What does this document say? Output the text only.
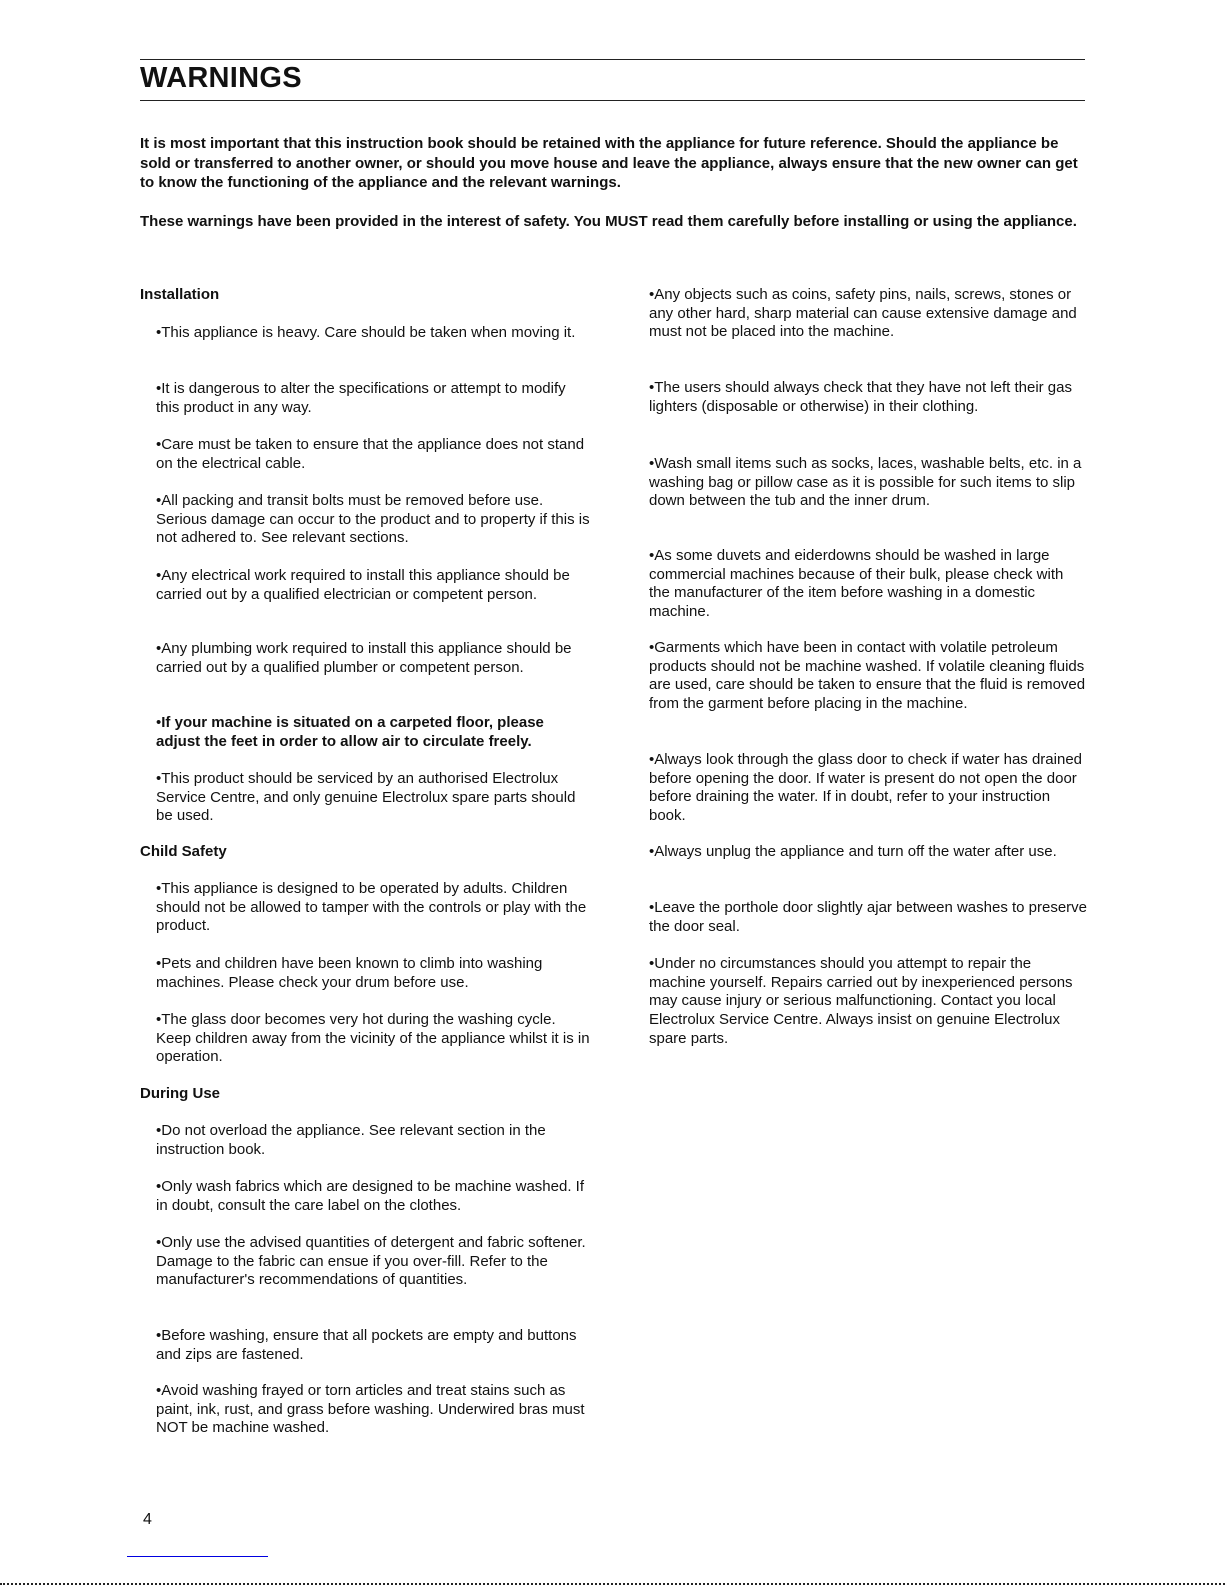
WARNINGS
It is most important that this instruction book should be retained with the appliance for future reference. Should the appliance be sold or transferred to another owner, or should you move house and leave the appliance, always ensure that the new owner can get to know the functioning of the appliance and the relevant warnings.
These warnings have been provided in the interest of safety. You MUST read them carefully before installing or using the appliance.
Installation
•This appliance is heavy. Care should be taken when moving it.
•It is dangerous to alter the specifications or attempt to modify this product in any way.
•Care must be taken to ensure that the appliance does not stand on the electrical cable.
•All packing and transit bolts must be removed before use. Serious damage can occur to the product and to property if this is not adhered to. See relevant sections.
•Any electrical work required to install this appliance should be carried out by a qualified electrician or competent person.
•Any plumbing work required to install this appliance should be carried out by a qualified plumber or competent person.
•If your machine is situated on a carpeted floor, please adjust the feet in order to allow air to circulate freely.
•This product should be serviced by an authorised Electrolux Service Centre, and only genuine Electrolux spare parts should be used.
Child Safety
•This appliance is designed to be operated by adults. Children should not be allowed to tamper with the controls or play with the product.
•Pets and children have been known to climb into washing machines. Please check your drum before use.
•The glass door becomes very hot during the washing cycle. Keep children away from the vicinity of the appliance whilst it is in operation.
During Use
•Do not overload the appliance. See relevant section in the instruction book.
•Only wash fabrics which are designed to be machine washed. If in doubt, consult the care label on the clothes.
•Only use the advised quantities of detergent and fabric softener. Damage to the fabric can ensue if you over-fill. Refer to the manufacturer's recommendations of quantities.
•Before washing, ensure that all pockets are empty and buttons and zips are fastened.
•Avoid washing frayed or torn articles and treat stains such as paint, ink, rust, and grass before washing. Underwired bras must NOT be machine washed.
•Any objects such as coins, safety pins, nails, screws, stones or any other hard, sharp material can cause extensive damage and must not be placed into the machine.
•The users should always check that they have not left their gas lighters (disposable or otherwise) in their clothing.
•Wash small items such as socks, laces, washable belts, etc. in a washing bag or pillow case as it is possible for such items to slip down between the tub and the inner drum.
•As some duvets and eiderdowns should be washed in large commercial machines because of their bulk, please check with the manufacturer of the item before washing in a domestic machine.
•Garments which have been in contact with volatile petroleum products should not be machine washed. If volatile cleaning fluids are used, care should be taken to ensure that the fluid is removed from the garment before placing in the machine.
•Always look through the glass door to check if water has drained before opening the door. If water is present do not open the door before draining the water. If in doubt, refer to your instruction book.
•Always unplug the appliance and turn off the water after use.
•Leave the porthole door slightly ajar between washes to preserve the door seal.
•Under no circumstances should you attempt to repair the machine yourself. Repairs carried out by inexperienced persons may cause injury or serious malfunctioning. Contact you local Electrolux Service Centre. Always insist on genuine Electrolux spare parts.
4
